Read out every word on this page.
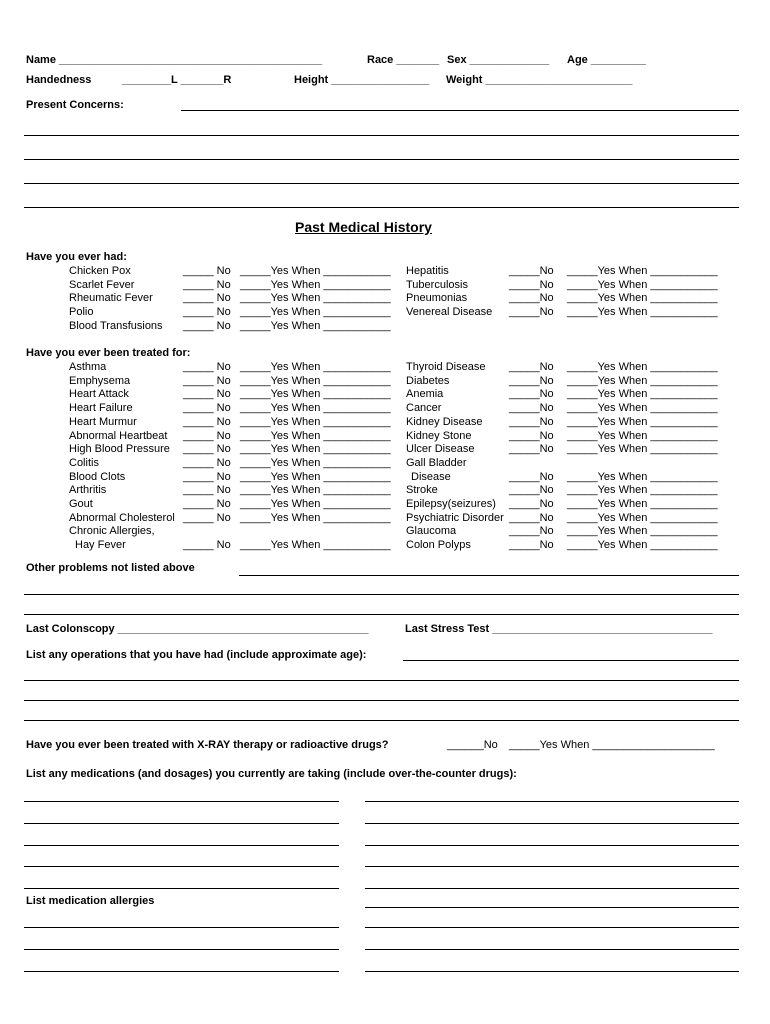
Name ___________________________________________	Race _______ Sex _____________ Age _________
Handedness	________L _______R	Height ________________ Weight ________________________
Present Concerns:
Past Medical History
Have you ever had:
Chicken Pox	_____ No _____Yes When ___________
Scarlet Fever	_____ No _____Yes When ___________
Rheumatic Fever	_____ No _____Yes When ___________
Polio	_____ No _____Yes When ___________
Blood Transfusions _____ No _____Yes When ___________
Hepatitis	_____No _____Yes When ___________
Tuberculosis	_____No _____Yes When ___________
Pneumonias	_____No _____Yes When ___________
Venereal Disease _____No _____Yes When ___________
Have you ever been treated for:
Asthma	_____ No _____Yes When ___________
Emphysema	_____ No _____Yes When ___________
Heart Attack	_____ No _____Yes When ___________
Heart Failure	_____ No _____Yes When ___________
Heart Murmur	_____ No _____Yes When ___________
Abnormal Heartbeat _____ No _____Yes When ___________
High Blood Pressure _____ No _____Yes When ___________
Colitis	_____ No _____Yes When ___________
Blood Clots	_____ No _____Yes When ___________
Arthritis	_____ No _____Yes When ___________
Gout	_____ No _____Yes When ___________
Abnormal Cholesterol _____ No _____Yes When ___________
Chronic Allergies,
Hay Fever	_____ No _____Yes When ___________
Thyroid Disease _____No _____Yes When ___________
Diabetes	_____No _____Yes When ___________
Anemia	_____No _____Yes When ___________
Cancer	_____No _____Yes When ___________
Kidney Disease _____No _____Yes When ___________
Kidney Stone	_____No _____Yes When ___________
Ulcer Disease	_____No _____Yes When ___________
Gall Bladder
Disease	_____No _____Yes When ___________
Stroke	_____No _____Yes When ___________
Epilepsy(seizures) _____No _____Yes When ___________
Psychiatric Disorder _____No _____Yes When ___________
Glaucoma	_____No _____Yes When ___________
Colon Polyps	_____No _____Yes When ___________
Other problems not listed above
Last Colonscopy _________________________________________	Last Stress Test ____________________________________
List any operations that you have had (include approximate age):
Have you ever been treated with X-RAY therapy or radioactive drugs?	______No _____Yes When ____________________
List any medications (and dosages) you currently are taking (include over-the-counter drugs):
List medication allergies
